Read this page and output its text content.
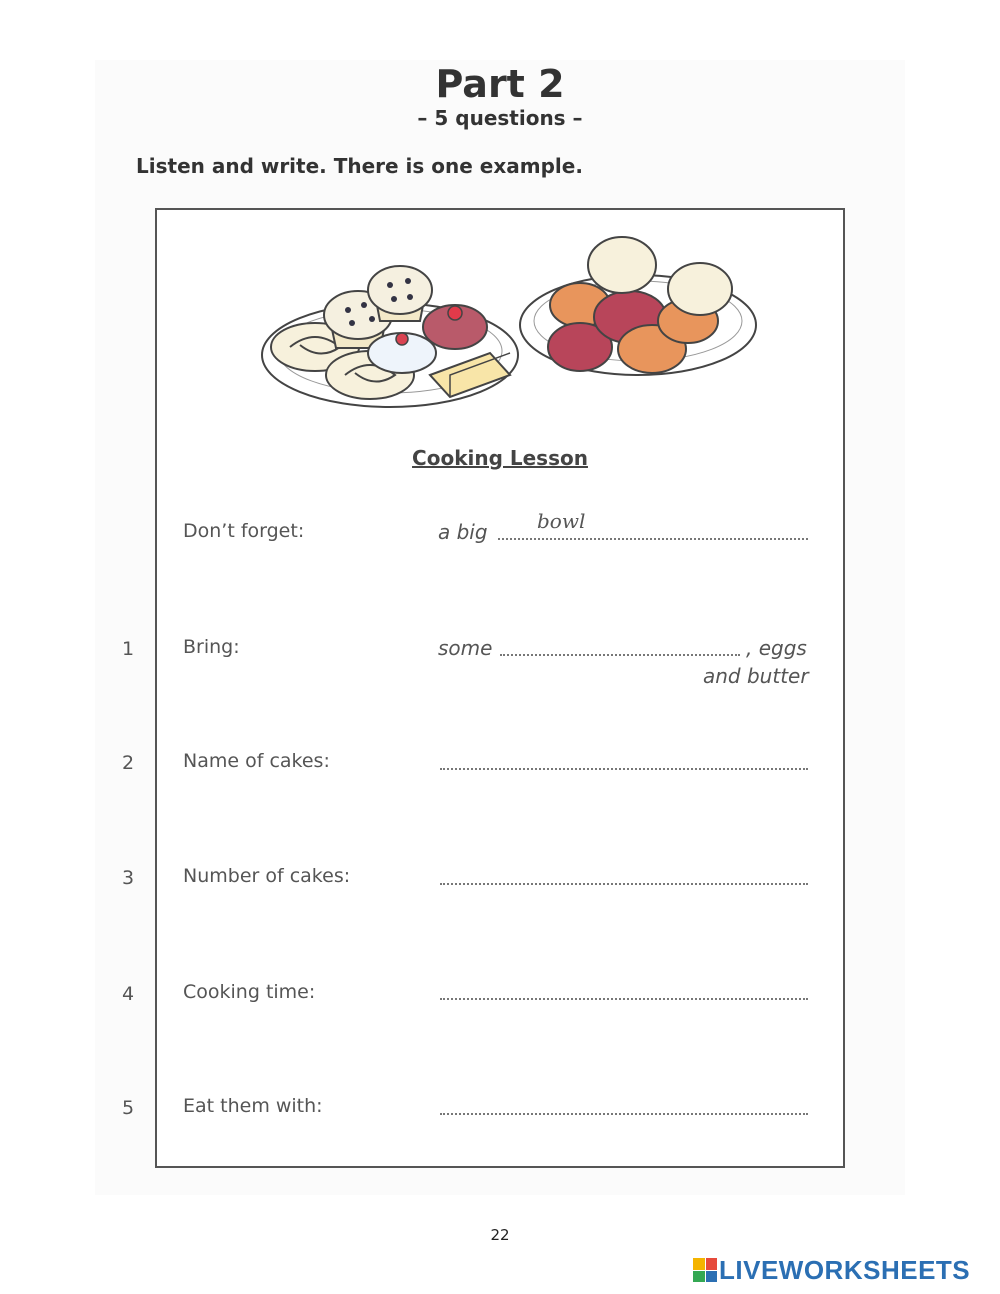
Part 2
– 5 questions –
Listen and write. There is one example.
Cooking Lesson
Don’t forget:	a big bowl
1	Bring:	some	, eggs
and butter
2	Name of cakes:
3	Number of cakes:
4	Cooking time:
5	Eat them with:
22
LIVEWORKSHEETS
